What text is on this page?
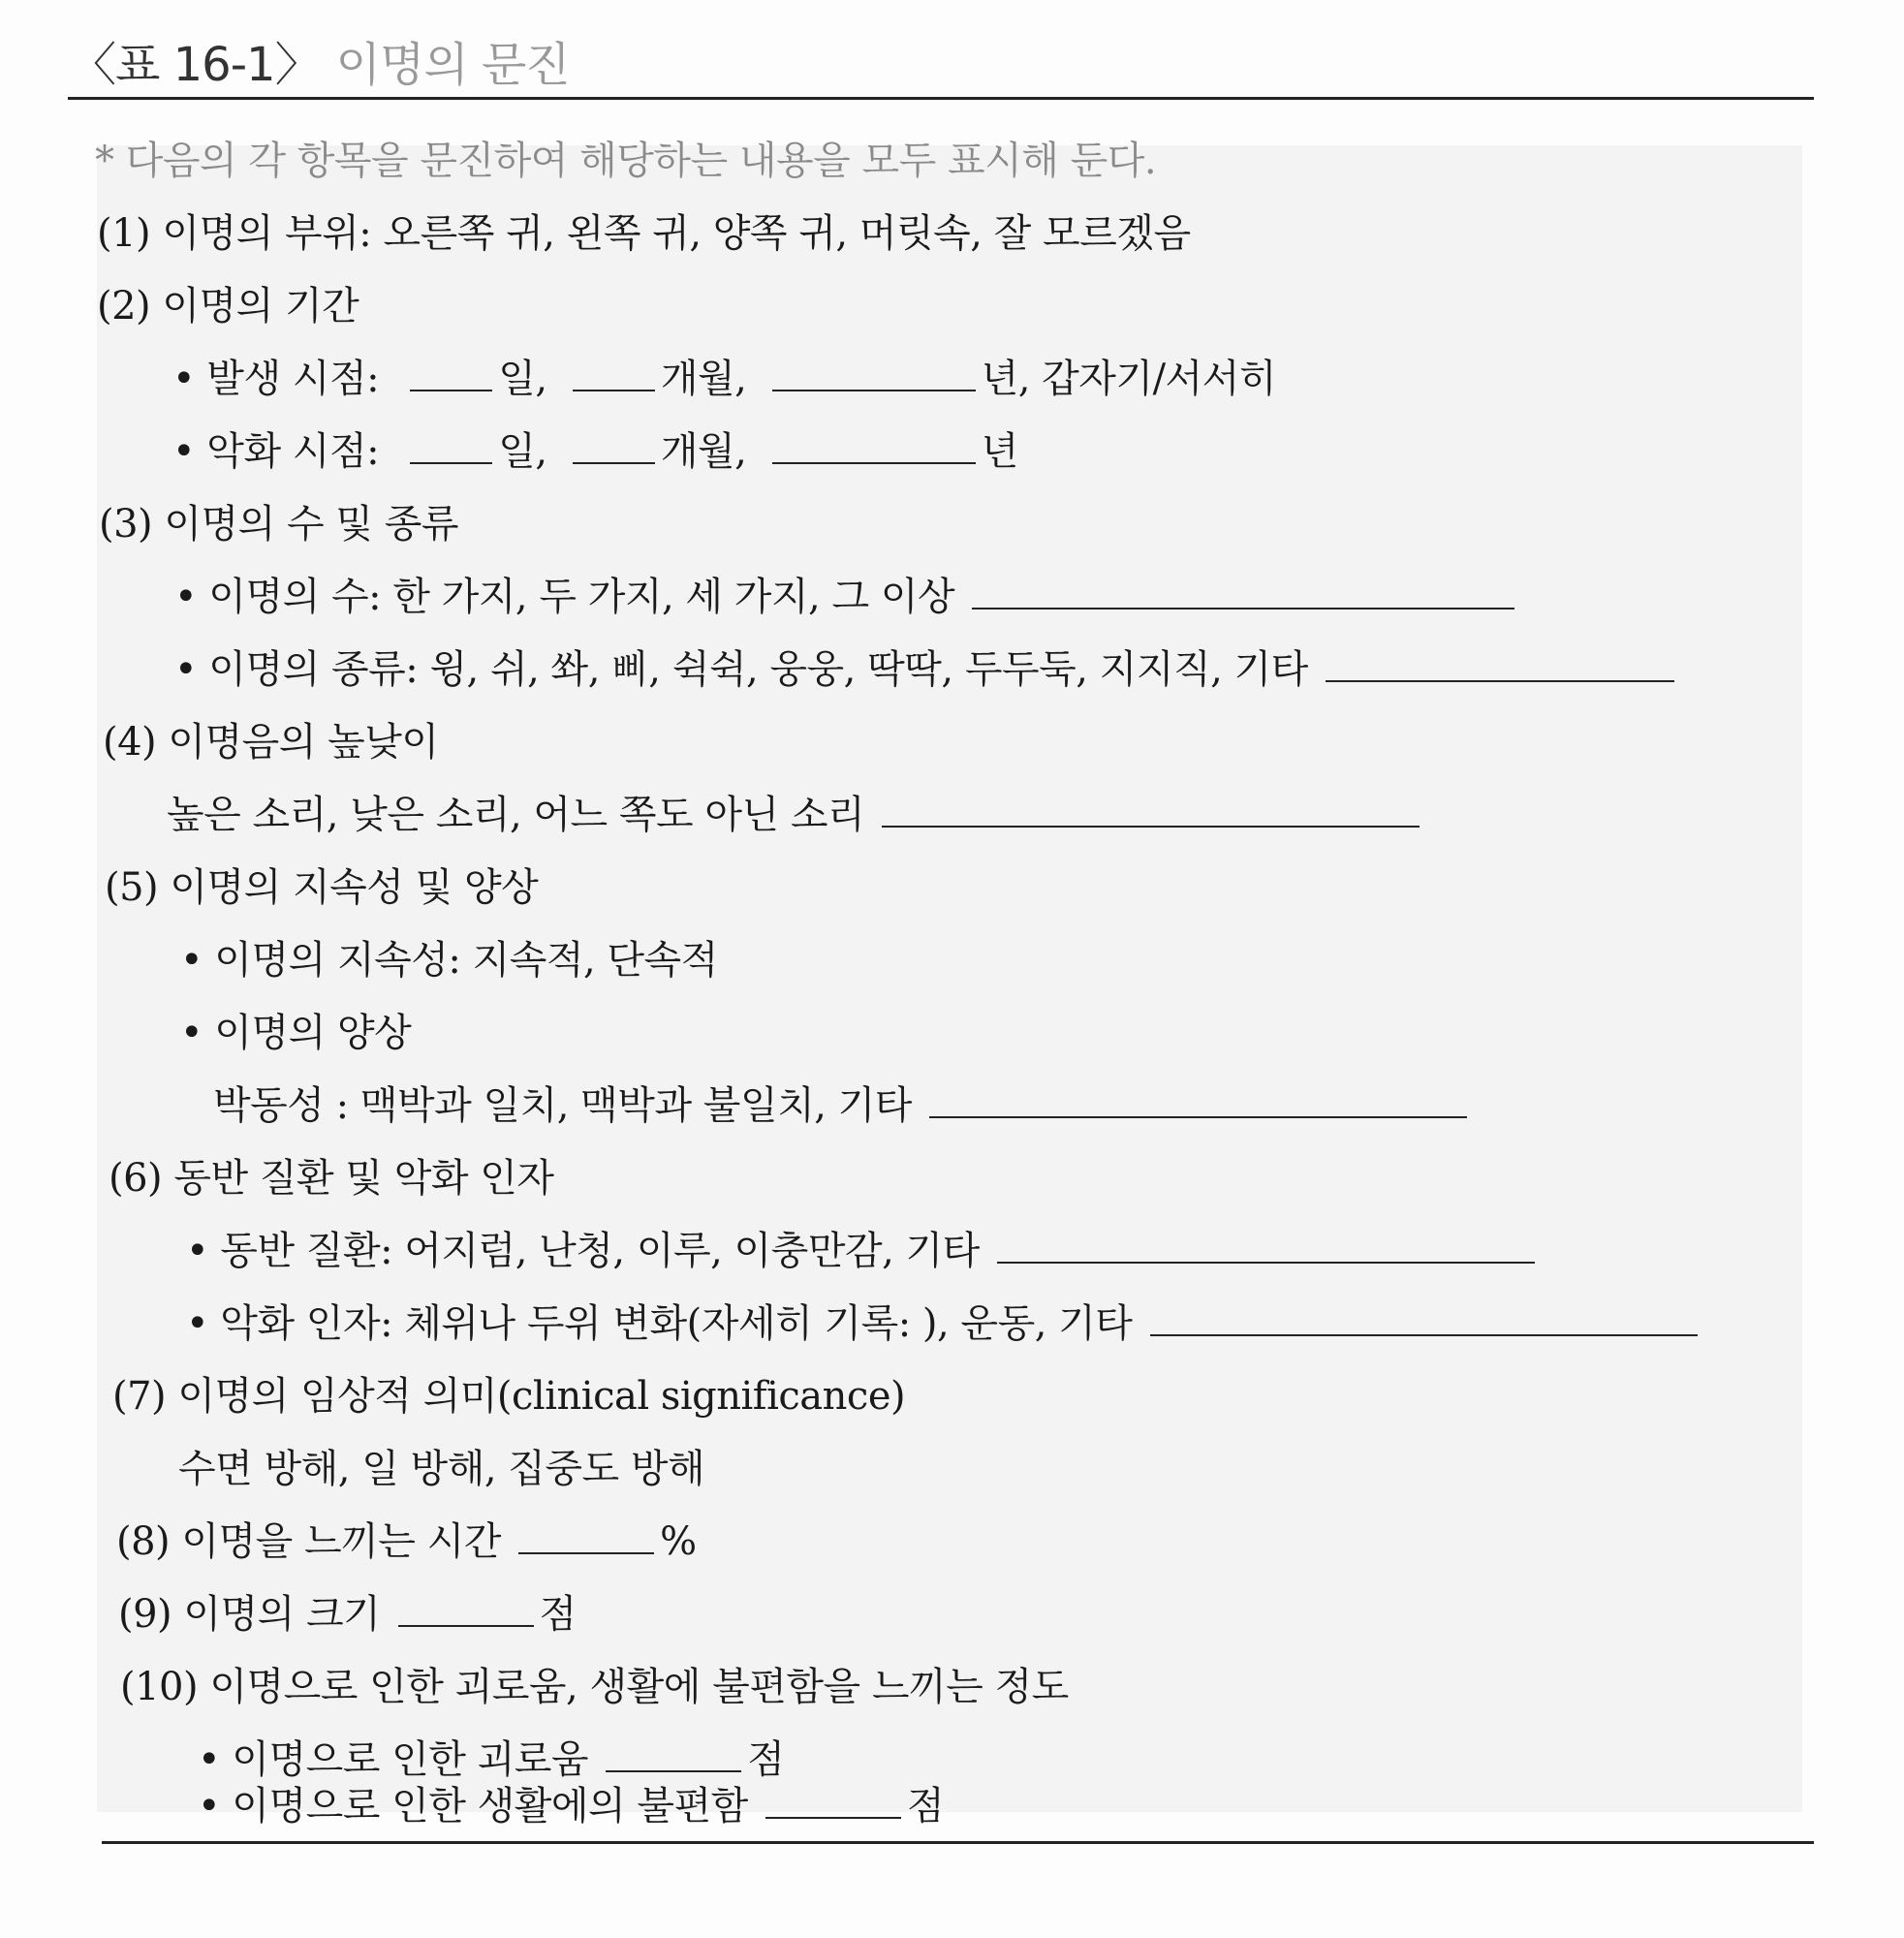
〈표 16-1〉 이명의 문진
* 다음의 각 항목을 문진하여 해당하는 내용을 모두 표시해 둔다.
(1) 이명의 부위: 오른쪽 귀, 왼쪽 귀, 양쪽 귀, 머릿속, 잘 모르겠음
(2) 이명의 기간
• 발생 시점:	일,	개월,	년, 갑자기/서서히
• 악화 시점:	일,	개월,	년
(3) 이명의 수 및 종류
• 이명의 수: 한 가지, 두 가지, 세 가지, 그 이상
• 이명의 종류: 윙, 쉬, 쏴, 삐, 쉭쉭, 웅웅, 딱딱, 두두둑, 지지직, 기타
(4) 이명음의 높낮이
높은 소리, 낮은 소리, 어느 쪽도 아닌 소리
(5) 이명의 지속성 및 양상
• 이명의 지속성: 지속적, 단속적
• 이명의 양상
박동성 : 맥박과 일치, 맥박과 불일치, 기타
(6) 동반 질환 및 악화 인자
• 동반 질환: 어지럼, 난청, 이루, 이충만감, 기타
• 악화 인자: 체위나 두위 변화(자세히 기록: ), 운동, 기타
(7) 이명의 임상적 의미(clinical significance)
수면 방해, 일 방해, 집중도 방해
(8) 이명을 느끼는 시간	%
(9) 이명의 크기	점
(10) 이명으로 인한 괴로움, 생활에 불편함을 느끼는 정도
• 이명으로 인한 괴로움	점
• 이명으로 인한 생활에의 불편함	점
